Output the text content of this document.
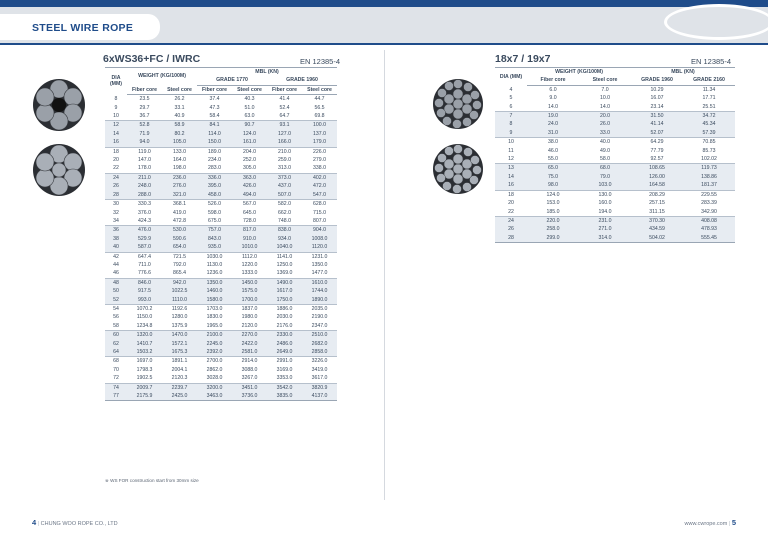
STEEL WIRE ROPE
6xWS36+FC / IWRC	EN 12385-4
DIA (MM)	WEIGHT (KG/100M)		MBL (KN)			
			GRADE 1770		GRADE 1960	
	Fiber core	Steel core	Fiber core	Steel core	Fiber core	Steel core
8	23.5	26.2	37.4	40.3	41.4	44.7
9	29.7	33.1	47.3	51.0	52.4	56.5
10	36.7	40.9	58.4	63.0	64.7	69.8
12	52.8	58.9	84.1	90.7	93.1	100.0
14	71.9	80.2	114.0	124.0	127.0	137.0
16	94.0	105.0	150.0	161.0	166.0	179.0
18	119.0	133.0	189.0	204.0	210.0	226.0
20	147.0	164.0	234.0	252.0	259.0	279.0
22	178.0	198.0	283.0	305.0	313.0	338.0
24	211.0	236.0	336.0	363.0	373.0	402.0
26	248.0	276.0	395.0	426.0	437.0	472.0
28	288.0	321.0	458.0	494.0	507.0	547.0
30	330.3	368.1	526.0	567.0	582.0	628.0
32	376.0	419.0	598.0	645.0	662.0	715.0
34	424.3	472.8	675.0	728.0	748.0	807.0
36	476.0	530.0	757.0	817.0	838.0	904.0
38	529.9	590.6	843.0	910.0	934.0	1008.0
40	587.0	654.0	935.0	1010.0	1040.0	1120.0
42	647.4	721.5	1030.0	1112.0	1141.0	1231.0
44	711.0	792.0	1130.0	1220.0	1250.0	1350.0
46	776.6	865.4	1236.0	1333.0	1369.0	1477.0
48	846.0	942.0	1350.0	1450.0	1490.0	1610.0
50	917.5	1022.5	1460.0	1575.0	1617.0	1744.0
52	993.0	1110.0	1580.0	1700.0	1750.0	1890.0
54	1070.2	1192.6	1703.0	1837.0	1886.0	2035.0
56	1150.0	1280.0	1830.0	1980.0	2030.0	2190.0
58	1234.8	1375.9	1965.0	2120.0	2176.0	2347.0
60	1320.0	1470.0	2100.0	2270.0	2330.0	2510.0
62	1410.7	1572.1	2245.0	2422.0	2486.0	2682.0
64	1503.2	1675.3	2392.0	2581.0	2649.0	2858.0
68	1697.0	1891.1	2700.0	2914.0	2991.0	3226.0
70	1798.3	2004.1	2862.0	3088.0	3169.0	3419.0
72	1902.5	2120.3	3028.0	3267.0	3353.0	3617.0
74	2009.7	2239.7	3200.0	3451.0	3542.0	3820.9
77	2175.9	2425.0	3463.0	3736.0	3835.0	4137.0
※ WS FOR construction start from 30mm size
18x7 / 19x7	EN 12385-4
DIA (MM)	WEIGHT (KG/100M)		MBL (KN)	
	Fiber core	Steel core	GRADE 1960	GRADE 2160
4	6.0	7.0	10.29	11.34
5	9.0	10.0	16.07	17.71
6	14.0	14.0	23.14	25.51
7	19.0	20.0	31.50	34.72
8	24.0	26.0	41.14	45.34
9	31.0	33.0	52.07	57.39
10	38.0	40.0	64.29	70.85
11	46.0	49.0	77.79	85.73
12	55.0	58.0	92.57	102.02
13	65.0	68.0	108.65	119.73
14	75.0	79.0	126.00	138.86
16	98.0	103.0	164.58	181.37
18	124.0	130.0	208.29	229.55
20	153.0	160.0	257.15	283.39
22	185.0	194.0	311.15	342.90
24	220.0	231.0	370.30	408.08
26	258.0	271.0	434.59	478.93
28	299.0	314.0	504.02	555.45
4 | CHUNG WOO ROPE CO., LTD	www.cwrope.com | 5
